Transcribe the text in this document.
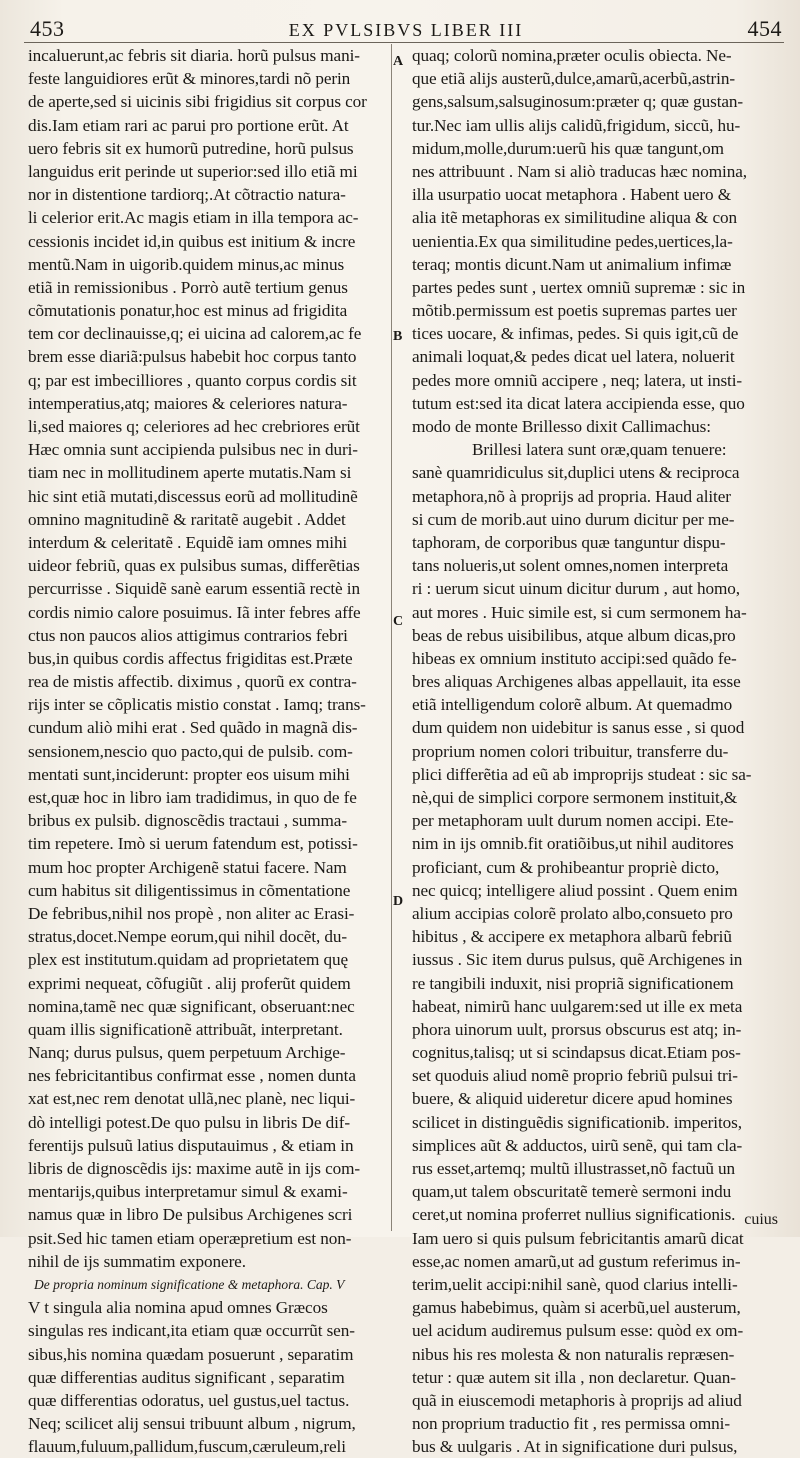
453	EX PVLSIBVS LIBER III	454
incaluerunt,ac febris sit diaria. horũ pulsus mani-
feste languidiores erũt & minores,tardi nõ perin
de aperte,sed si uicinis sibi frigidius sit corpus cor
dis.Iam etiam rari ac parui pro portione erũt. At
uero febris sit ex humorũ putredine, horũ pulsus
languidus erit perinde ut superior:sed illo etiã mi
nor in distentione tardiorq;.At cõtractio natura-
li celerior erit.Ac magis etiam in illa tempora ac-
cessionis incidet id,in quibus est initium & incre
mentũ.Nam in uigorib.quidem minus,ac minus
etiã in remissionibus . Porrò autẽ tertium genus
cõmutationis ponatur,hoc est minus ad frigidita
tem cor declinauisse,q; ei uicina ad calorem,ac fe
brem esse diariã:pulsus habebit hoc corpus tanto
q; par est imbecilliores , quanto corpus cordis sit
intemperatius,atq; maiores & celeriores natura-
li,sed maiores q; celeriores ad hec crebriores erũt
Hæc omnia sunt accipienda pulsibus nec in duri-
tiam nec in mollitudinem aperte mutatis.Nam si
hic sint etiã mutati,discessus eorũ ad mollitudinẽ
omnino magnitudinẽ & raritatẽ augebit . Addet
interdum & celeritatẽ . Equidẽ iam omnes mihi
uideor febriũ, quas ex pulsibus sumas, differẽtias
percurrisse . Siquidẽ sanè earum essentiã rectè in
cordis nimio calore posuimus. Iã inter febres affe
ctus non paucos alios attigimus contrarios febri
bus,in quibus cordis affectus frigiditas est.Præte
rea de mistis affectib. diximus , quorũ ex contra-
rijs inter se cõplicatis mistio constat . Iamq; trans-
cundum aliò mihi erat . Sed quãdo in magnã dis-
sensionem,nescio quo pacto,qui de pulsib. com-
mentati sunt,inciderunt: propter eos uisum mihi
est,quæ hoc in libro iam tradidimus, in quo de fe
bribus ex pulsib. dignoscẽdis tractaui , summa-
tim repetere. Imò si uerum fatendum est, potissi-
mum hoc propter Archigenẽ statui facere. Nam
cum habitus sit diligentissimus in cõmentatione
De febribus,nihil nos propè , non aliter ac Erasi-
stratus,docet.Nempe eorum,qui nihil docẽt, du-
plex est institutum.quidam ad proprietatem quę
exprimi nequeat, cõfugiũt . alij proferũt quidem
nomina,tamẽ nec quæ significant, obseruant:nec
quam illis significationẽ attribuãt, interpretant.
Nanq; durus pulsus, quem perpetuum Archige-
nes febricitantibus confirmat esse , nomen dunta
xat est,nec rem denotat ullã,nec planè, nec liqui-
dò intelligi potest.De quo pulsu in libris De dif-
ferentijs pulsuũ latius disputauimus , & etiam in
libris de dignoscẽdis ijs: maxime autẽ in ijs com-
mentarijs,quibus interpretamur simul & exami-
namus quæ in libro De pulsibus Archigenes scri
psit.Sed hic tamen etiam operæpretium est non-
nihil de ijs summatim exponere.
De propria nominum significatione & metaphora. Cap. V
V t singula alia nomina apud omnes Græcos
singulas res indicant,ita etiam quæ occurrũt sen-
sibus,his nomina quædam posuerunt , separatim
quæ differentias auditus significant , separatim
quæ differentias odoratus, uel gustus,uel tactus.
Neq; scilicet alij sensui tribuunt album , nigrum,
flauum,fuluum,pallidum,fuscum,cæruleum,reli
A
B
C
D
quaq; colorũ nomina,præter oculis obiecta. Ne-
que etiã alijs austerũ,dulce,amarũ,acerbũ,astrin-
gens,salsum,salsuginosum:præter q; quæ gustan-
tur.Nec iam ullis alijs calidũ,frigidum, siccũ, hu-
midum,molle,durum:uerũ his quæ tangunt,om
nes attribuunt . Nam si aliò traducas hæc nomina,
illa usurpatio uocat metaphora . Habent uero &
alia itẽ metaphoras ex similitudine aliqua & con
uenientia.Ex qua similitudine pedes,uertices,la-
teraq; montis dicunt.Nam ut animalium infimæ
partes pedes sunt , uertex omniũ supremæ : sic in
mõtib.permissum est poetis supremas partes uer
tices uocare, & infimas, pedes. Si quis igit,cũ de
animali loquat,& pedes dicat uel latera, noluerit
pedes more omniũ accipere , neq; latera, ut insti-
tutum est:sed ita dicat latera accipienda esse, quo
modo de monte Brillesso dixit Callimachus:
Brillesi latera sunt oræ,quam tenuere:
sanè quamridiculus sit,duplici utens & reciproca
metaphora,nõ à proprijs ad propria. Haud aliter
si cum de morib.aut uino durum dicitur per me-
taphoram, de corporibus quæ tanguntur dispu-
tans nolueris,ut solent omnes,nomen interpreta
ri : uerum sicut uinum dicitur durum , aut homo,
aut mores . Huic simile est, si cum sermonem ha-
beas de rebus uisibilibus, atque album dicas,pro
hibeas ex omnium instituto accipi:sed quãdo fe-
bres aliquas Archigenes albas appellauit, ita esse
etiã intelligendum colorẽ album. At quemadmo
dum quidem non uidebitur is sanus esse , si quod
proprium nomen colori tribuitur, transferre du-
plici differẽtia ad eũ ab improprijs studeat : sic sa-
nè,qui de simplici corpore sermonem instituit,&
per metaphoram uult durum nomen accipi. Ete-
nim in ijs omnib.fit oratiõibus,ut nihil auditores
proficiant, cum & prohibeantur propriè dicto,
nec quicq; intelligere aliud possint . Quem enim
alium accipias colorẽ prolato albo,consueto pro
hibitus , & accipere ex metaphora albarũ febriũ
iussus . Sic item durus pulsus, quẽ Archigenes in
re tangibili induxit, nisi propriã significationem
habeat, nimirũ hanc uulgarem:sed ut ille ex meta
phora uinorum uult, prorsus obscurus est atq; in-
cognitus,talisq; ut si scindapsus dicat.Etiam pos-
set quoduis aliud nomẽ proprio febriũ pulsui tri-
buere, & aliquid uideretur dicere apud homines
scilicet in distinguẽdis significationib. imperitos,
simplices aũt & adductos, uirũ senẽ, qui tam cla-
rus esset,artemq; multũ illustrasset,nõ factuũ un
quam,ut talem obscuritatẽ temerè sermoni indu
ceret,ut nomina proferret nullius significationis.
Iam uero si quis pulsum febricitantis amarũ dicat
esse,ac nomen amarũ,ut ad gustum referimus in-
terim,uelit accipi:nihil sanè, quod clarius intelli-
gamus habebimus, quàm si acerbũ,uel austerum,
uel acidum audiremus pulsum esse: quòd ex om-
nibus his res molesta & non naturalis repræsen-
tetur : quæ autem sit illa , non declaretur. Quan-
quã in eiuscemodi metaphoris à proprijs ad aliud
non proprium traductio fit , res permissa omni-
bus & uulgaris . At in significatione duri pulsus,
cuius
